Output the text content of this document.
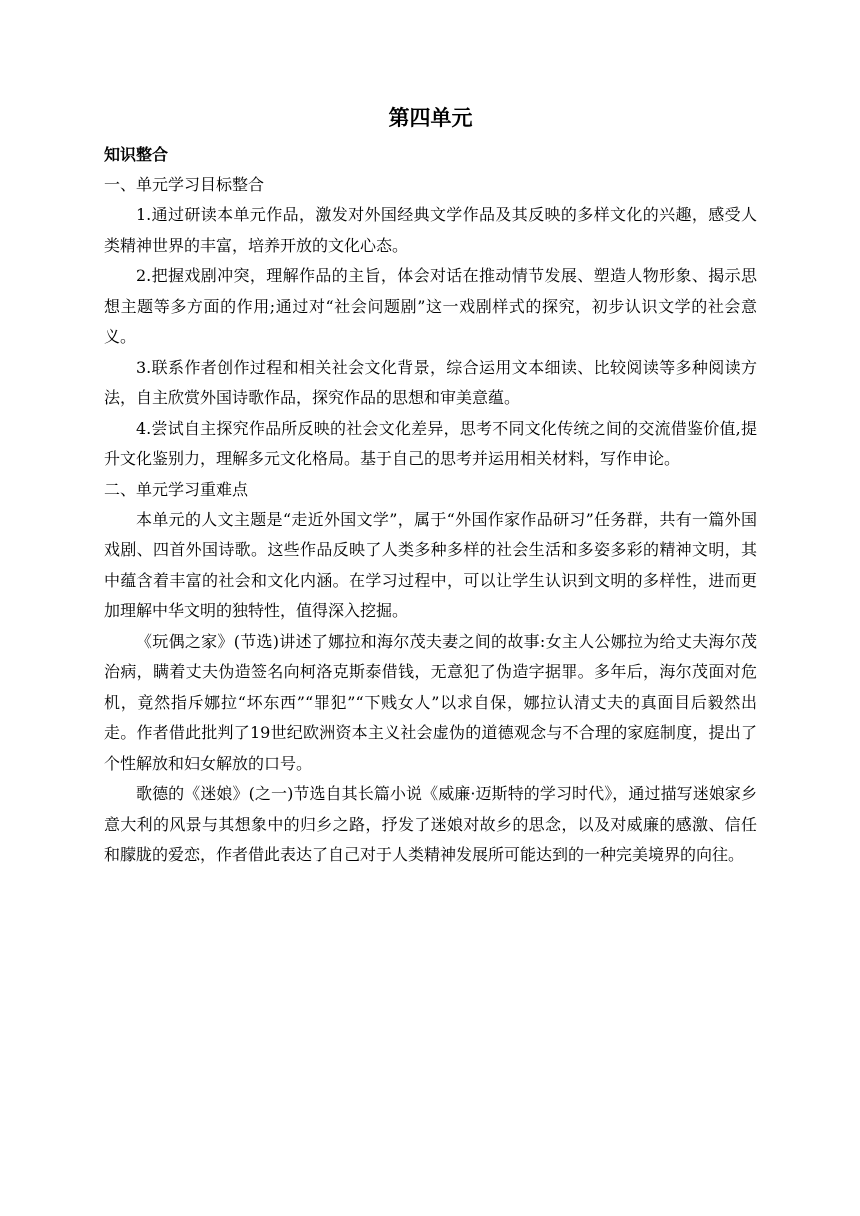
第四单元

知识整合

一、单元学习目标整合

1.通过研读本单元作品，激发对外国经典文学作品及其反映的多样文化的兴趣，感受人类精神世界的丰富，培养开放的文化心态。

2.把握戏剧冲突，理解作品的主旨，体会对话在推动情节发展、塑造人物形象、揭示思想主题等多方面的作用;通过对“社会问题剧”这一戏剧样式的探究，初步认识文学的社会意义。

3.联系作者创作过程和相关社会文化背景，综合运用文本细读、比较阅读等多种阅读方法，自主欣赏外国诗歌作品，探究作品的思想和审美意蕴。

4.尝试自主探究作品所反映的社会文化差异，思考不同文化传统之间的交流借鉴价值,提升文化鉴别力，理解多元文化格局。基于自己的思考并运用相关材料，写作申论。

二、单元学习重难点

本单元的人文主题是“走近外国文学”，属于“外国作家作品研习”任务群，共有一篇外国戏剧、四首外国诗歌。这些作品反映了人类多种多样的社会生活和多姿多彩的精神文明，其中蕴含着丰富的社会和文化内涵。在学习过程中，可以让学生认识到文明的多样性，进而更加理解中华文明的独特性，值得深入挖掘。

《玩偶之家》(节选)讲述了娜拉和海尔茂夫妻之间的故事:女主人公娜拉为给丈夫海尔茂治病，瞒着丈夫伪造签名向柯洛克斯泰借钱，无意犯了伪造字据罪。多年后，海尔茂面对危机，竟然指斥娜拉“坏东西”“罪犯”“下贱女人”以求自保，娜拉认清丈夫的真面目后毅然出走。作者借此批判了19世纪欧洲资本主义社会虚伪的道德观念与不合理的家庭制度，提出了个性解放和妇女解放的口号。

歌德的《迷娘》(之一)节选自其长篇小说《威廉·迈斯特的学习时代》，通过描写迷娘家乡意大利的风景与其想象中的归乡之路，抒发了迷娘对故乡的思念，以及对威廉的感激、信任和朦胧的爱恋，作者借此表达了自己对于人类精神发展所可能达到的一种完美境界的向往。
